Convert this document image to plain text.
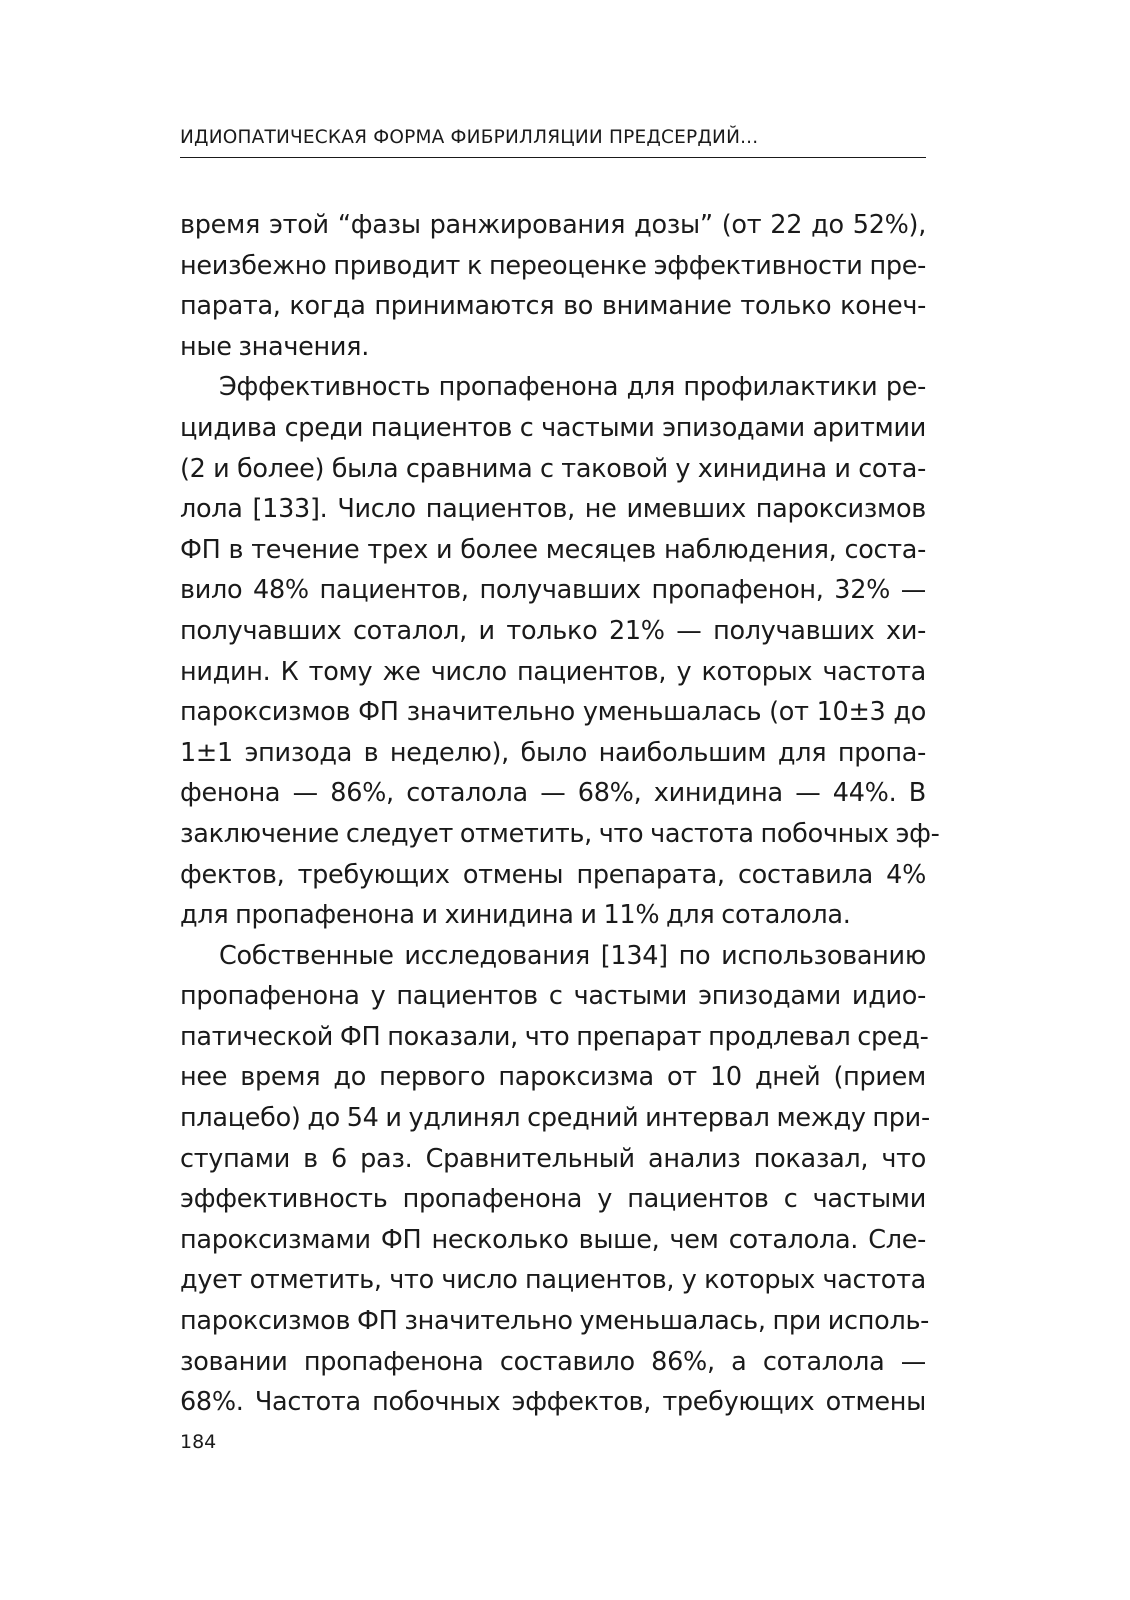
ИДИОПАТИЧЕСКАЯ ФОРМА ФИБРИЛЛЯЦИИ ПРЕДСЕРДИЙ...

время этой “фазы ранжирования дозы” (от 22 до 52%),

неизбежно приводит к переоценке эффективности пре-

парата, когда принимаются во внимание только конеч-

ные значения.

Эффективность пропафенона для профилактики ре-

цидива среди пациентов с частыми эпизодами аритмии

(2 и более) была сравнима с таковой у хинидина и сота-

лола [133]. Число пациентов, не имевших пароксизмов

ФП в течение трех и более месяцев наблюдения, соста-

вило 48% пациентов, получавших пропафенон, 32% —

получавших соталол, и только 21% — получавших хи-

нидин. К тому же число пациентов, у которых частота

пароксизмов ФП значительно уменьшалась (от 10±3 до

1±1 эпизода в неделю), было наибольшим для пропа-

фенона — 86%, соталола — 68%, хинидина — 44%. В

заключение следует отметить, что частота побочных эф-

фектов, требующих отмены препарата, составила 4%

для пропафенона и хинидина и 11% для соталола.

Собственные исследования [134] по использованию

пропафенона у пациентов с частыми эпизодами идио-

патической ФП показали, что препарат продлевал сред-

нее время до первого пароксизма от 10 дней (прием

плацебо) до 54 и удлинял средний интервал между при-

ступами в 6 раз. Сравнительный анализ показал, что

эффективность пропафенона у пациентов с частыми

пароксизмами ФП несколько выше, чем соталола. Сле-

дует отметить, что число пациентов, у которых частота

пароксизмов ФП значительно уменьшалась, при исполь-

зовании пропафенона составило 86%, а соталола —

68%. Частота побочных эффектов, требующих отмены

184
